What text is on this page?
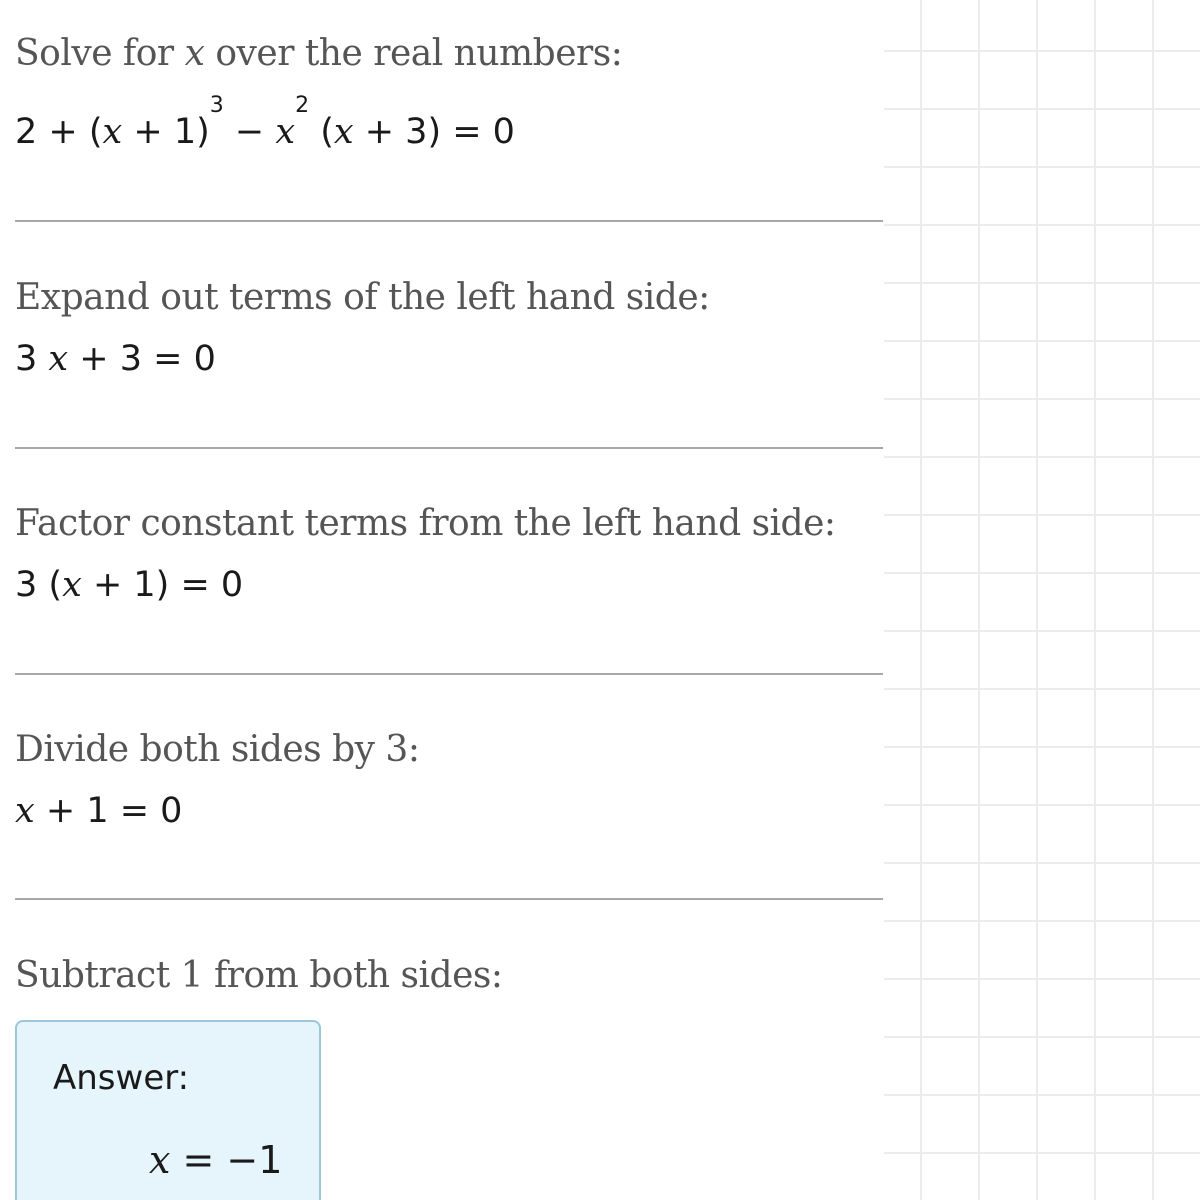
Solve for x over the real numbers:
$2 + (x + 1)^3 - x^2$ (x + 3) = 0
Expand out terms of the left hand side:
3 x + 3 = 0
Factor constant terms from the left hand side:
3 (x + 1) = 0
Divide both sides by 3:
x + 1 = 0
Subtract 1 from both sides:
Answer:
x = −1
